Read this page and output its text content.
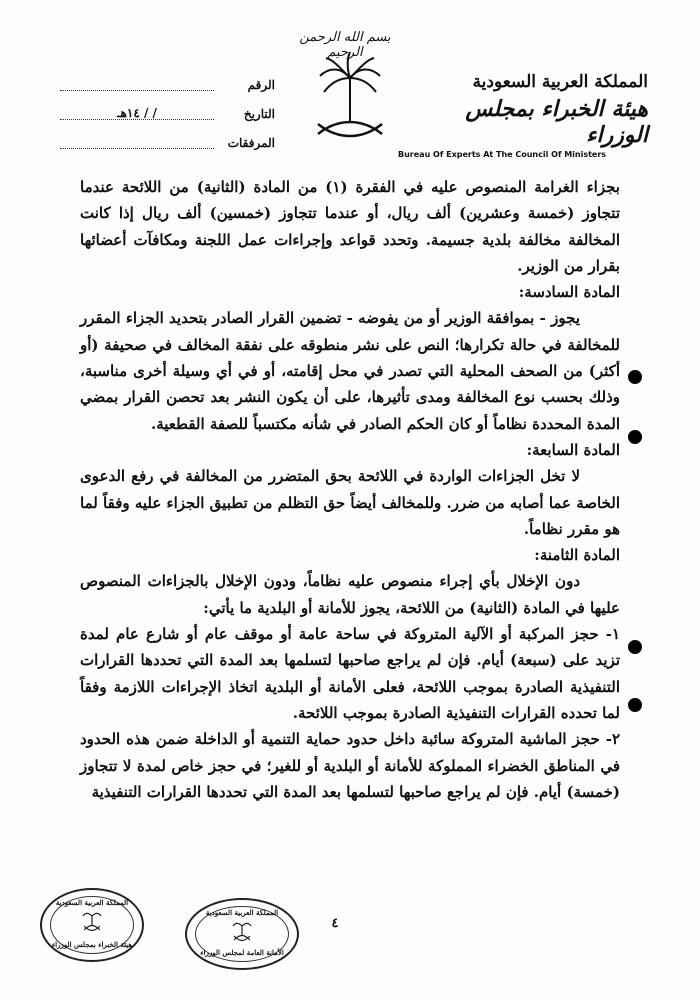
بسم الله الرحمن الرحيم
الرقم
التاريخ
/ / ١٤هـ
المرفقات
المملكة العربية السعودية
هيئة الخبراء بمجلس الوزراء
Bureau Of Experts At The Council Of Ministers

بجزاء الغرامة المنصوص عليه في الفقرة (١) من المادة (الثانية) من اللائحة عندما تتجاوز (خمسة وعشرين) ألف ريال، أو عندما تتجاوز (خمسين) ألف ريال إذا كانت المخالفة مخالفة بلدية جسيمة. وتحدد قواعد وإجراءات عمل اللجنة ومكافآت أعضائها بقرار من الوزير.

المادة السادسة:

يجوز - بموافقة الوزير أو من يفوضه - تضمين القرار الصادر بتحديد الجزاء المقرر للمخالفة في حالة تكرارها؛ النص على نشر منطوقه على نفقة المخالف في صحيفة (أو أكثر) من الصحف المحلية التي تصدر في محل إقامته، أو في أي وسيلة أخرى مناسبة، وذلك بحسب نوع المخالفة ومدى تأثيرها، على أن يكون النشر بعد تحصن القرار بمضي المدة المحددة نظاماً أو كان الحكم الصادر في شأنه مكتسباً للصفة القطعية.

المادة السابعة:

لا تخل الجزاءات الواردة في اللائحة بحق المتضرر من المخالفة في رفع الدعوى الخاصة عما أصابه من ضرر. وللمخالف أيضاً حق التظلم من تطبيق الجزاء عليه وفقاً لما هو مقرر نظاماً.

المادة الثامنة:

دون الإخلال بأي إجراء منصوص عليه نظاماً، ودون الإخلال بالجزاءات المنصوص عليها في المادة (الثانية) من اللائحة، يجوز للأمانة أو البلدية ما يأتي:

١- حجز المركبة أو الآلية المتروكة في ساحة عامة أو موقف عام أو شارع عام لمدة تزيد على (سبعة) أيام. فإن لم يراجع صاحبها لتسلمها بعد المدة التي تحددها القرارات التنفيذية الصادرة بموجب اللائحة، فعلى الأمانة أو البلدية اتخاذ الإجراءات اللازمة وفقاً لما تحدده القرارات التنفيذية الصادرة بموجب اللائحة.

٢- حجز الماشية المتروكة سائبة داخل حدود حماية التنمية أو الداخلة ضمن هذه الحدود في المناطق الخضراء المملوكة للأمانة أو البلدية أو للغير؛ في حجز خاص لمدة لا تتجاوز (خمسة) أيام. فإن لم يراجع صاحبها لتسلمها بعد المدة التي تحددها القرارات التنفيذية

٤
المملكة العربية السعودية
هيئة الخبراء بمجلس الوزراء
المملكة العربية السعودية
الأمانة العامة لمجلس الوزراء
